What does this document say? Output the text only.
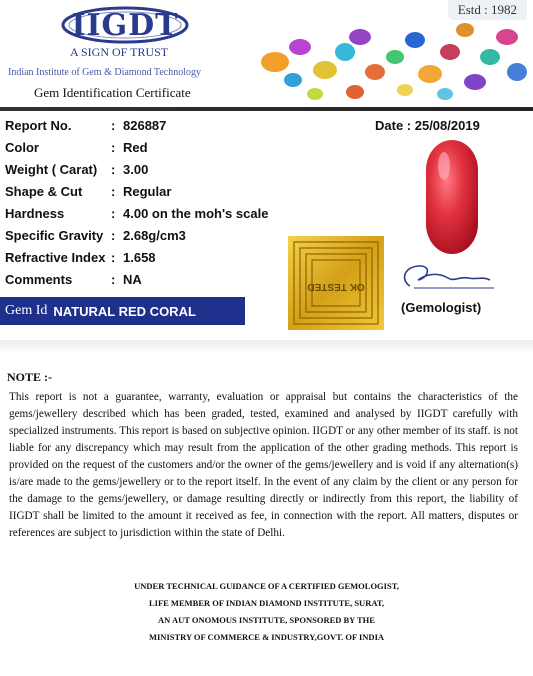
IIGDT
A SIGN OF TRUST
Indian Institute of Gem & Diamond Technology
Gem Identification Certificate
Estd : 1982
Report No.	: 826887
Color	: Red
Weight ( Carat) : 3.00
Shape & Cut : Regular
Hardness	: 4.00 on the moh's scale
Specific Gravity : 2.68g/cm3
Refractive Index : 1.658
Comments	: NA
Date : 25/08/2019
Gem Id NATURAL RED CORAL
OK TESTED
(Gemologist)
NOTE :-
This report is not a guarantee, warranty, evaluation or appraisal but contains the characteristics of the gems/jewellery described which has been graded, tested, examined and analysed by IIGDT carefully with specialized instruments. This report is based on subjective opinion. IIGDT or any other member of its staff. is not liable for any discrepancy which may result from the application of the other grading methods. This report is provided on the request of the customers and/or the owner of the gems/jewellery and is void if any alternation(s) is/are made to the gems/jewellery or to the report itself. In the event of any claim by the client or any person for the damage to the gems/jewellery, or damage resulting directly or indirectly from this report, the liability of IIGDT shall be limited to the amount it received as fee, in connection with the report. All matters, disputes or references are subject to jurisdiction within the state of Delhi.
UNDER TECHNICAL GUIDANCE OF A CERTIFIED GEMOLOGIST,
LIFE MEMBER OF INDIAN DIAMOND INSTITUTE, SURAT,
AN AUT ONOMOUS INSTITUTE, SPONSORED BY THE
MINISTRY OF COMMERCE & INDUSTRY,GOVT. OF INDIA
